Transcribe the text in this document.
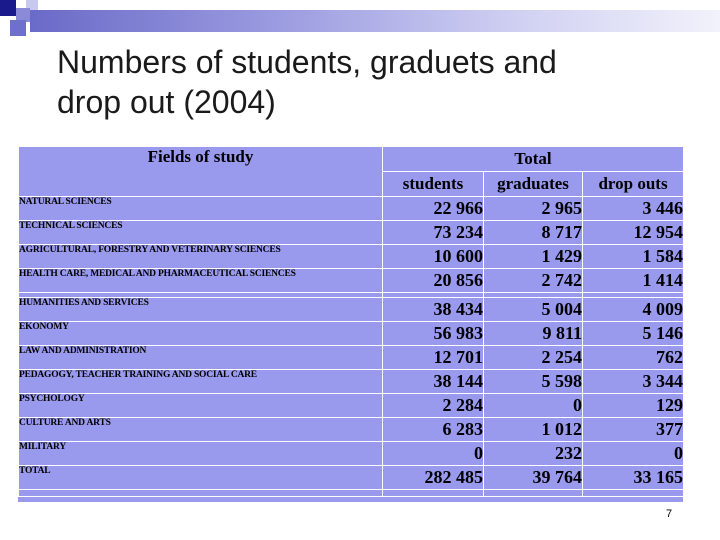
Numbers of students, graduets and
drop out (2004)
Fields of study	Total		
	students	graduates	drop outs
NATURAL SCIENCES	22 966	2 965	3 446
TECHNICAL SCIENCES	73 234	8 717	12 954
AGRICULTURAL, FORESTRY AND VETERINARY SCIENCES	10 600	1 429	1 584
HEALTH CARE, MEDICAL AND PHARMACEUTICAL SCIENCES	20 856	2 742	1 414

HUMANITIES AND SERVICES	38 434	5 004	4 009
EKONOMY	56 983	9 811	5 146
LAW AND ADMINISTRATION	12 701	2 254	762
PEDAGOGY, TEACHER TRAINING AND SOCIAL CARE	38 144	5 598	3 344
PSYCHOLOGY	2 284	0	129
CULTURE AND ARTS	6 283	1 012	377
MILITARY	0	232	0
TOTAL	282 485	39 764	33 165

7
